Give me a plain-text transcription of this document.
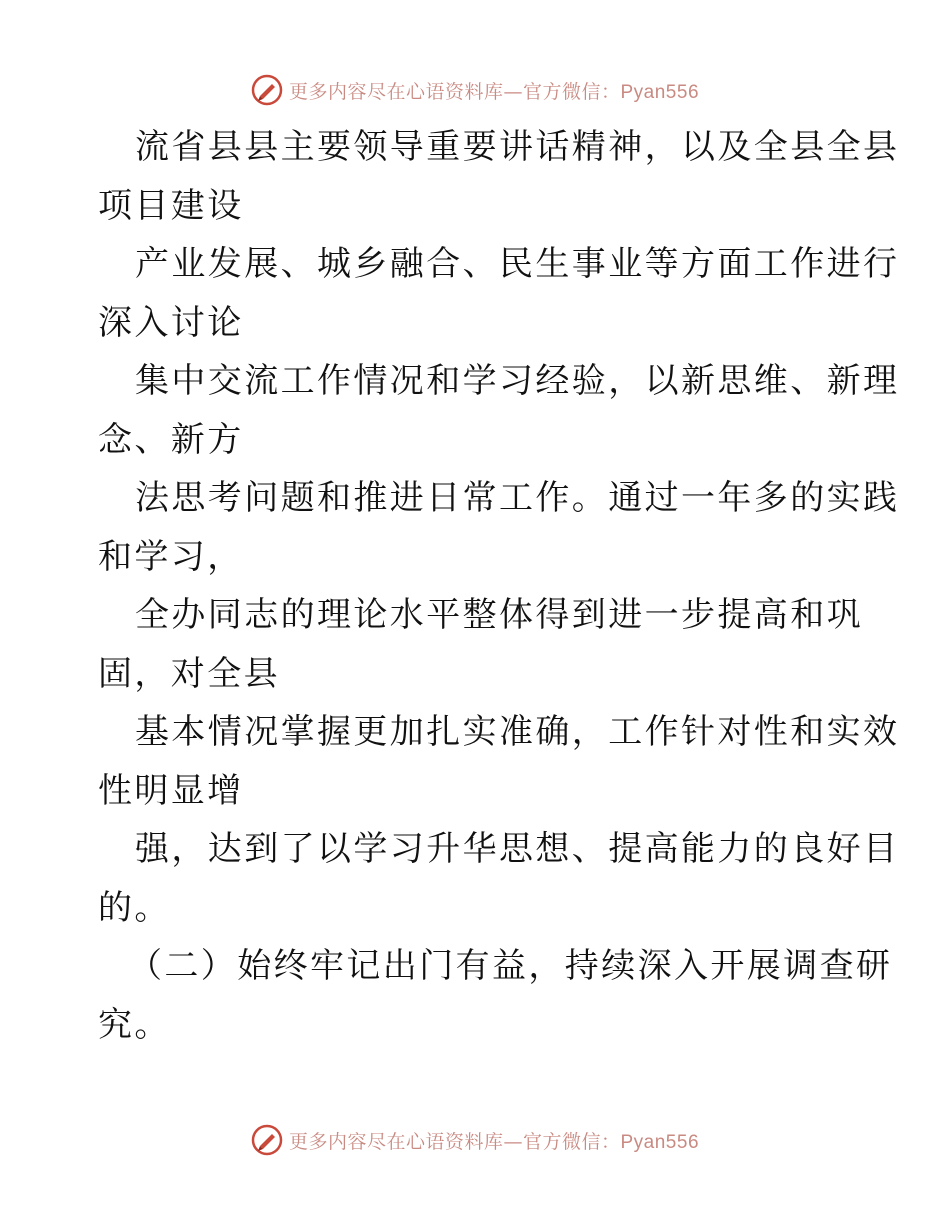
更多内容尽在心语资料库—官方微信：Pyan556
流省县县主要领导重要讲话精神，以及全县全县
项目建设
产业发展、城乡融合、民生事业等方面工作进行
深入讨论
集中交流工作情况和学习经验，以新思维、新理
念、新方
法思考问题和推进日常工作。通过一年多的实践
和学习，
全办同志的理论水平整体得到进一步提高和巩
固，对全县
基本情况掌握更加扎实准确，工作针对性和实效
性明显增
强，达到了以学习升华思想、提高能力的良好目
的。
（二）始终牢记出门有益，持续深入开展调查研
究。
更多内容尽在心语资料库—官方微信：Pyan556
